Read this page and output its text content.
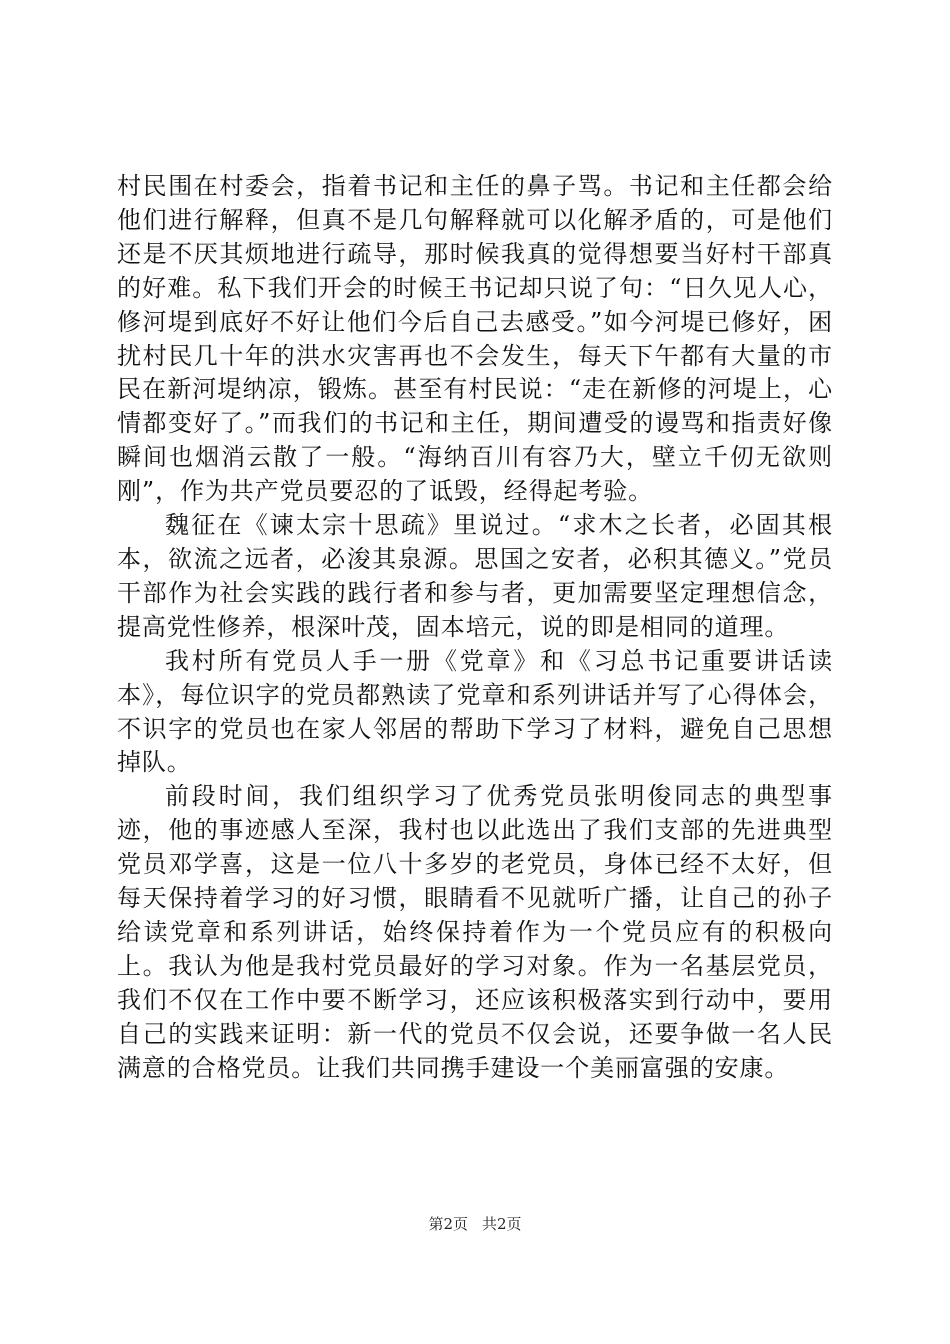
村民围在村委会，指着书记和主任的鼻子骂。书记和主任都会给他们进行解释，但真不是几句解释就可以化解矛盾的，可是他们还是不厌其烦地进行疏导，那时候我真的觉得想要当好村干部真的好难。私下我们开会的时候王书记却只说了句：“日久见人心，修河堤到底好不好让他们今后自己去感受。”如今河堤已修好，困扰村民几十年的洪水灾害再也不会发生，每天下午都有大量的市民在新河堤纳凉，锻炼。甚至有村民说：“走在新修的河堤上，心情都变好了。”而我们的书记和主任，期间遭受的谩骂和指责好像瞬间也烟消云散了一般。“海纳百川有容乃大，壁立千仞无欲则刚”，作为共产党员要忍的了诋毁，经得起考验。

魏征在《谏太宗十思疏》里说过。“求木之长者，必固其根本，欲流之远者，必浚其泉源。思国之安者，必积其德义。”党员干部作为社会实践的践行者和参与者，更加需要坚定理想信念，提高党性修养，根深叶茂，固本培元，说的即是相同的道理。

我村所有党员人手一册《党章》和《习总书记重要讲话读本》，每位识字的党员都熟读了党章和系列讲话并写了心得体会，不识字的党员也在家人邻居的帮助下学习了材料，避免自己思想掉队。

前段时间，我们组织学习了优秀党员张明俊同志的典型事迹，他的事迹感人至深，我村也以此选出了我们支部的先进典型党员邓学喜，这是一位八十多岁的老党员，身体已经不太好，但每天保持着学习的好习惯，眼睛看不见就听广播，让自己的孙子给读党章和系列讲话，始终保持着作为一个党员应有的积极向上。我认为他是我村党员最好的学习对象。作为一名基层党员，我们不仅在工作中要不断学习，还应该积极落实到行动中，要用自己的实践来证明：新一代的党员不仅会说，还要争做一名人民满意的合格党员。让我们共同携手建设一个美丽富强的安康。

第2页 共2页
